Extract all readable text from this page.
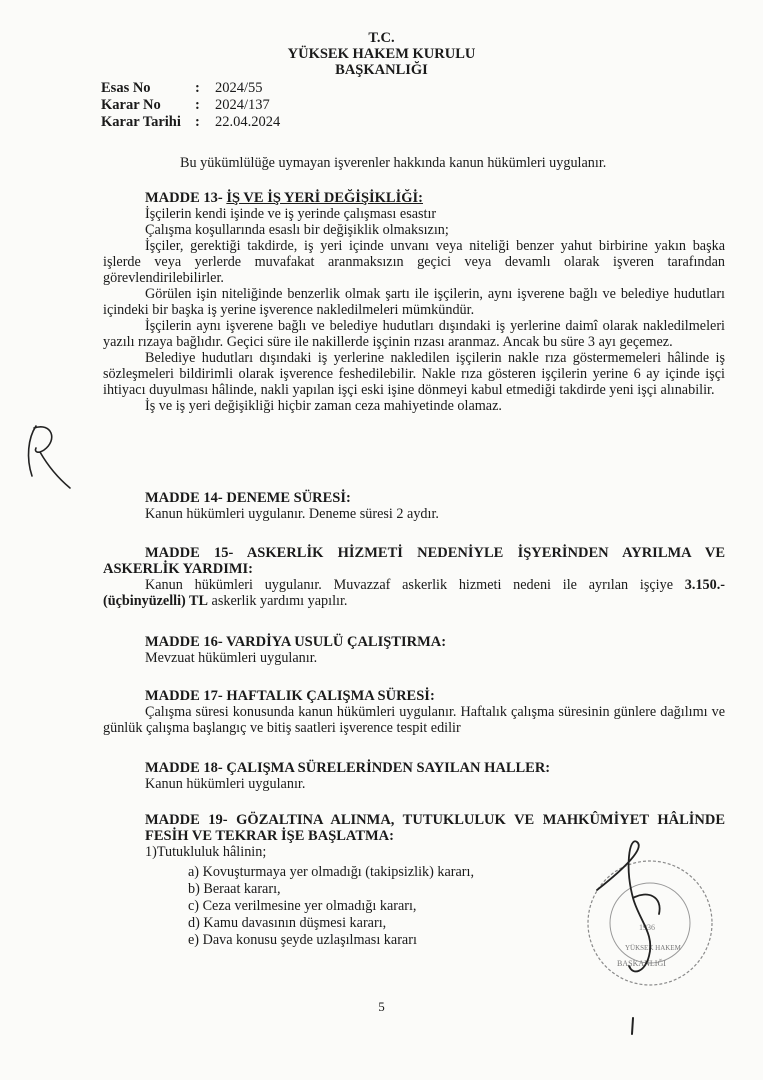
T.C.
YÜKSEK HAKEM KURULU
BAŞKANLIĞI
Esas No	:	2024/55
Karar No	:	2024/137
Karar Tarihi :	22.04.2024
Bu yükümlülüğe uymayan işverenler hakkında kanun hükümleri uygulanır.
MADDE 13- İŞ VE İŞ YERİ DEĞİŞİKLİĞİ:
İşçilerin kendi işinde ve iş yerinde çalışması esastır
Çalışma koşullarında esaslı bir değişiklik olmaksızın;
İşçiler, gerektiği takdirde, iş yeri içinde unvanı veya niteliği benzer yahut birbirine yakın başka işlerde veya yerlerde muvafakat aranmaksızın geçici veya devamlı olarak işveren tarafından görevlendirilebilirler.
Görülen işin niteliğinde benzerlik olmak şartı ile işçilerin, aynı işverene bağlı ve belediye hudutları içindeki bir başka iş yerine işverence nakledilmeleri mümkündür.
İşçilerin aynı işverene bağlı ve belediye hudutları dışındaki iş yerlerine daimî olarak nakledilmeleri yazılı rızaya bağlıdır. Geçici süre ile nakillerde işçinin rızası aranmaz. Ancak bu süre 3 ayı geçemez.
Belediye hudutları dışındaki iş yerlerine nakledilen işçilerin nakle rıza göstermemeleri hâlinde iş sözleşmeleri bildirimli olarak işverence feshedilebilir. Nakle rıza gösteren işçilerin yerine 6 ay içinde işçi ihtiyacı duyulması hâlinde, nakli yapılan işçi eski işine dönmeyi kabul etmediği takdirde yeni işçi alınabilir.
İş ve iş yeri değişikliği hiçbir zaman ceza mahiyetinde olamaz.
MADDE 14- DENEME SÜRESİ:
Kanun hükümleri uygulanır. Deneme süresi 2 aydır.
MADDE 15- ASKERLİK HİZMETİ NEDENİYLE İŞYERİNDEN AYRILMA VE ASKERLİK YARDIMI:
Kanun hükümleri uygulanır. Muvazzaf askerlik hizmeti nedeni ile ayrılan işçiye 3.150.-(üçbinyüzelli) TL askerlik yardımı yapılır.
MADDE 16- VARDİYA USULÜ ÇALIŞTIRMA:
Mevzuat hükümleri uygulanır.
MADDE 17- HAFTALIK ÇALIŞMA SÜRESİ:
Çalışma süresi konusunda kanun hükümleri uygulanır. Haftalık çalışma süresinin günlere dağılımı ve günlük çalışma başlangıç ve bitiş saatleri işverence tespit edilir
MADDE 18- ÇALIŞMA SÜRELERİNDEN SAYILAN HALLER:
Kanun hükümleri uygulanır.
MADDE 19- GÖZALTINA ALINMA, TUTUKLULUK VE MAHKÛMİYET HÂLİNDE FESİH VE TEKRAR İŞE BAŞLATMA:
1)Tutukluluk hâlinin;
a) Kovuşturmaya yer olmadığı (takipsizlik) kararı,
b) Beraat kararı,
c) Ceza verilmesine yer olmadığı kararı,
d) Kamu davasının düşmesi kararı,
e) Dava konusu şeyde uzlaşılması kararı
BAŞKANLIĞI
YÜKSEK HAKEM
1936
5
